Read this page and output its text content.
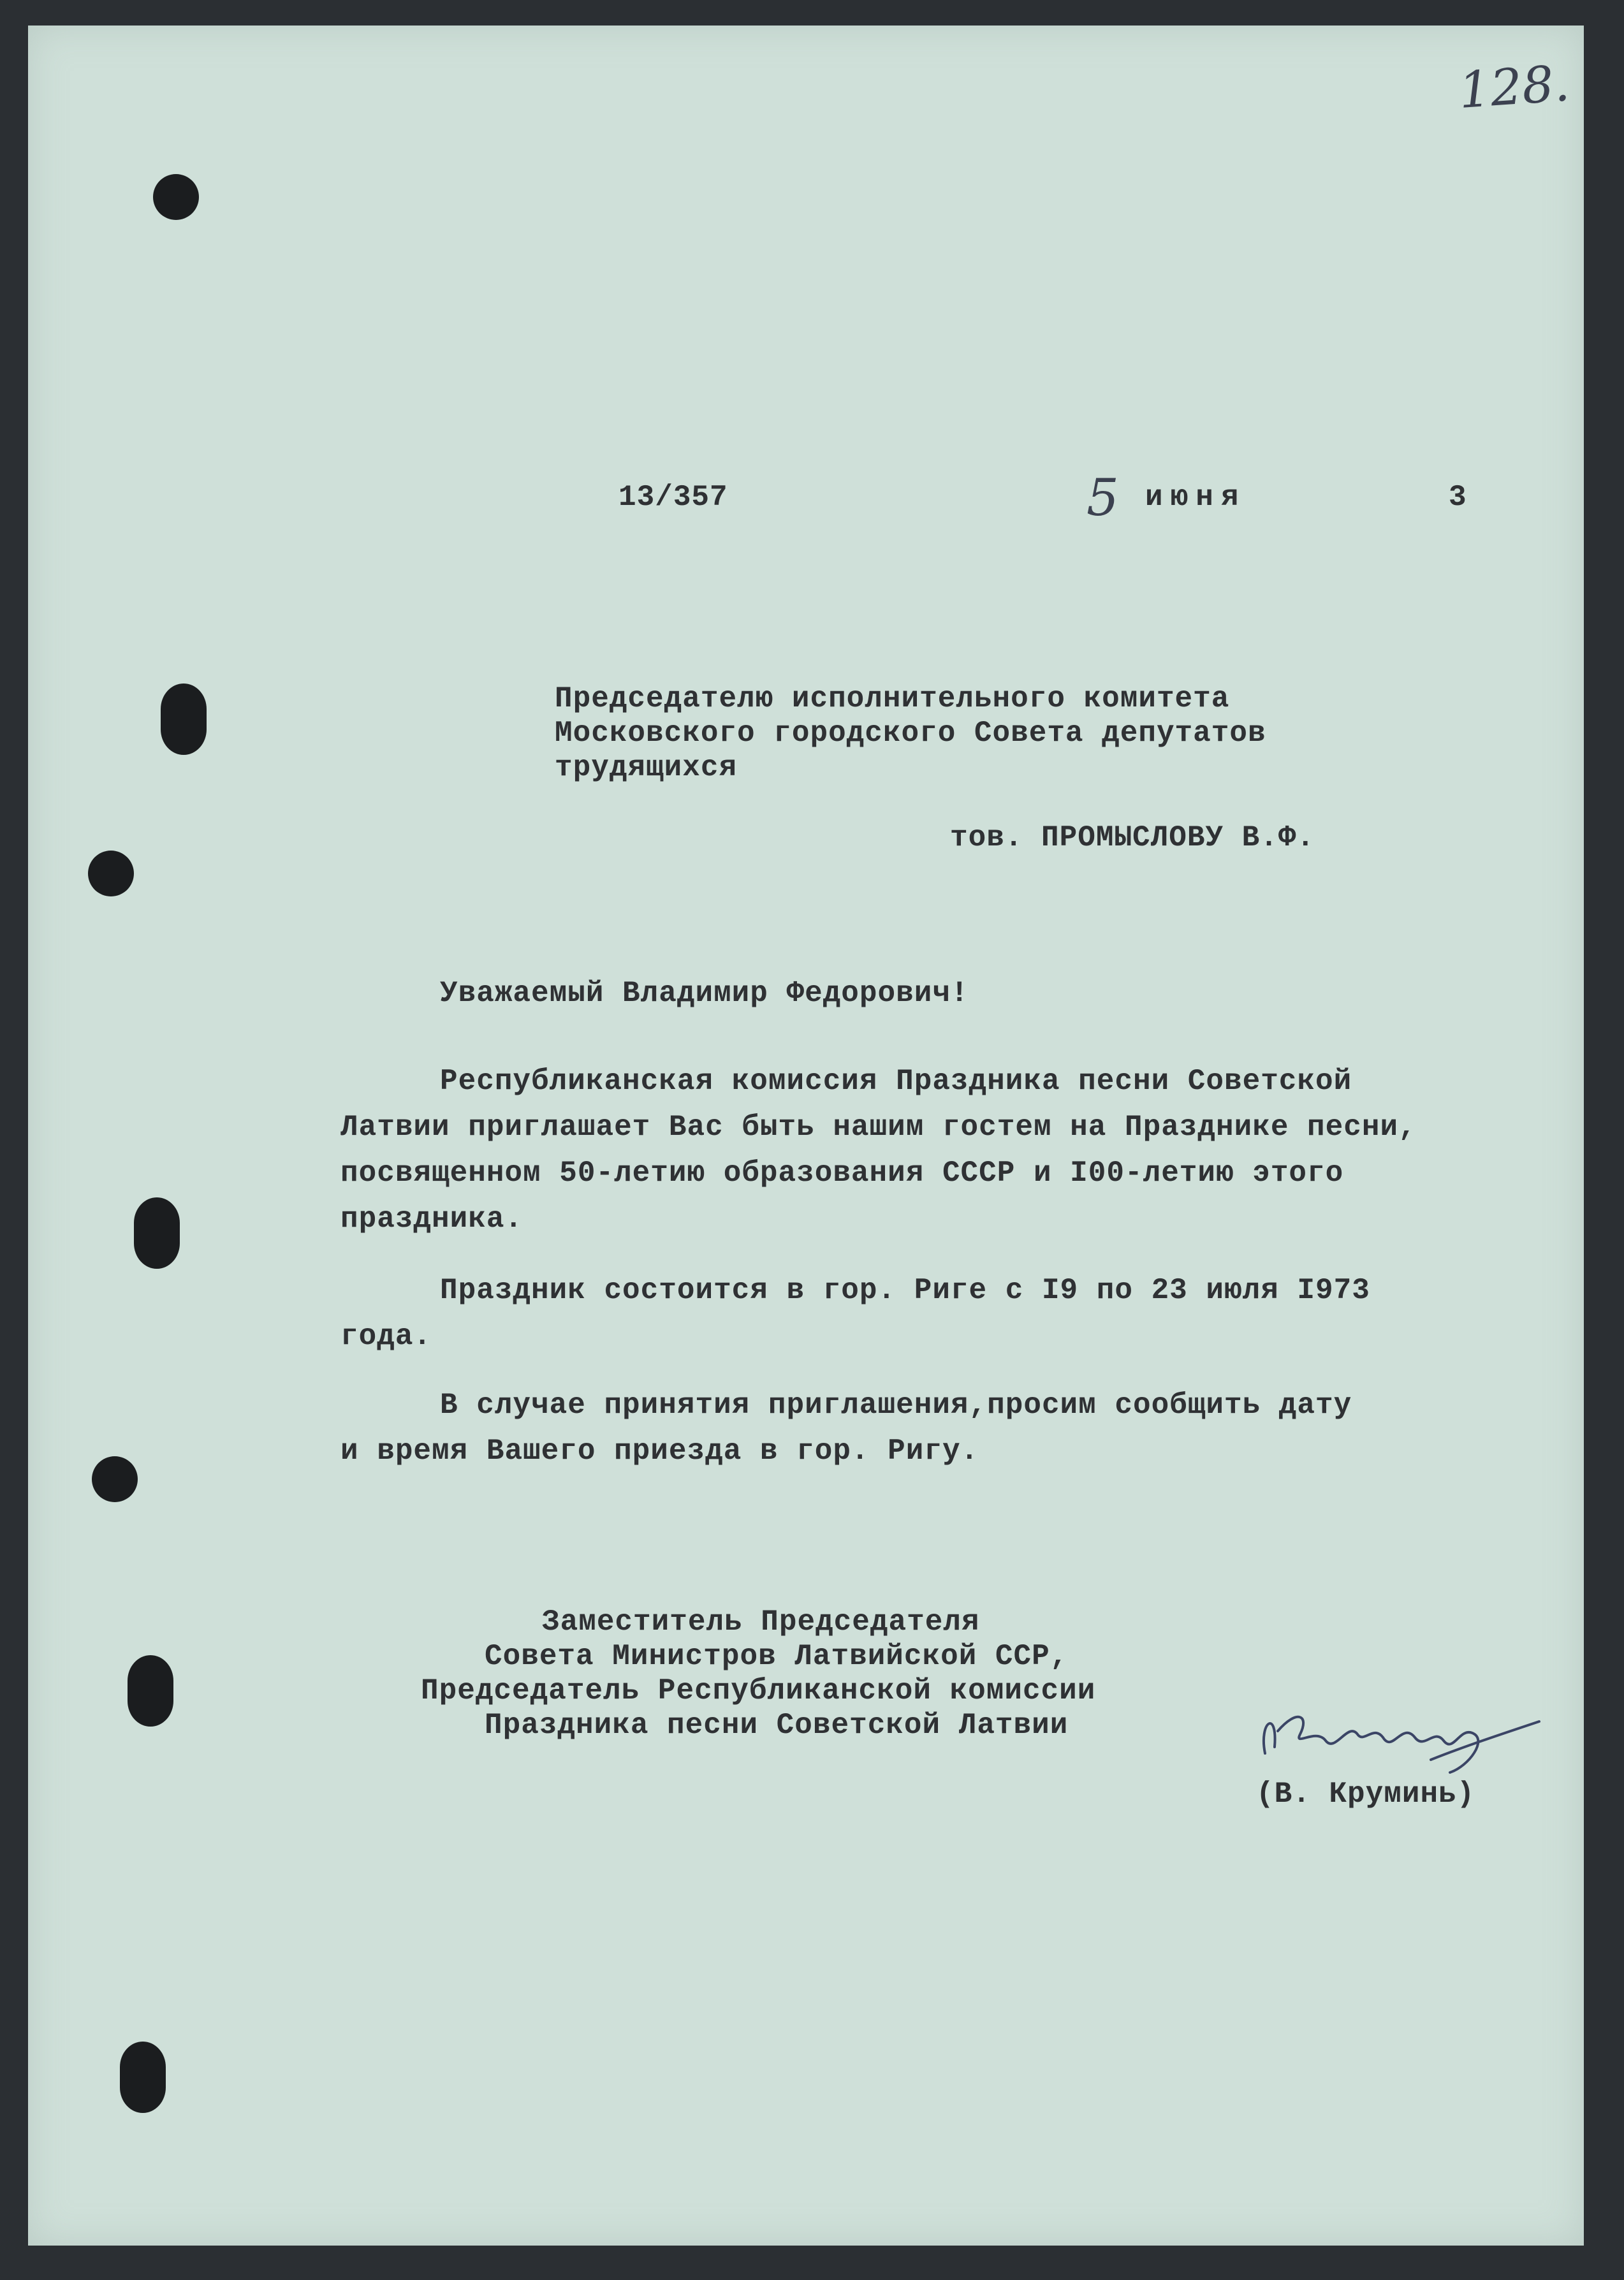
128.
13/357	5 июня	3
Председателю исполнительного комитета
Московского городского Совета депутатов
трудящихся
тов. ПРОМЫСЛОВУ В.Ф.
Уважаемый Владимир Федорович!
Республиканская комиссия Праздника песни Советской
Латвии приглашает Вас быть нашим гостем на Празднике песни,
посвященном 50-летию образования СССР и I00-летию этого
праздника.
Праздник состоится в гор. Риге с I9 по 23 июля I973
года.
В случае принятия приглашения,просим сообщить дату
и время Вашего приезда в гор. Ригу.
Заместитель Председателя
Совета Министров Латвийской ССР,
Председатель Республиканской комиссии
Праздника песни Советской Латвии
(В. Круминь)
